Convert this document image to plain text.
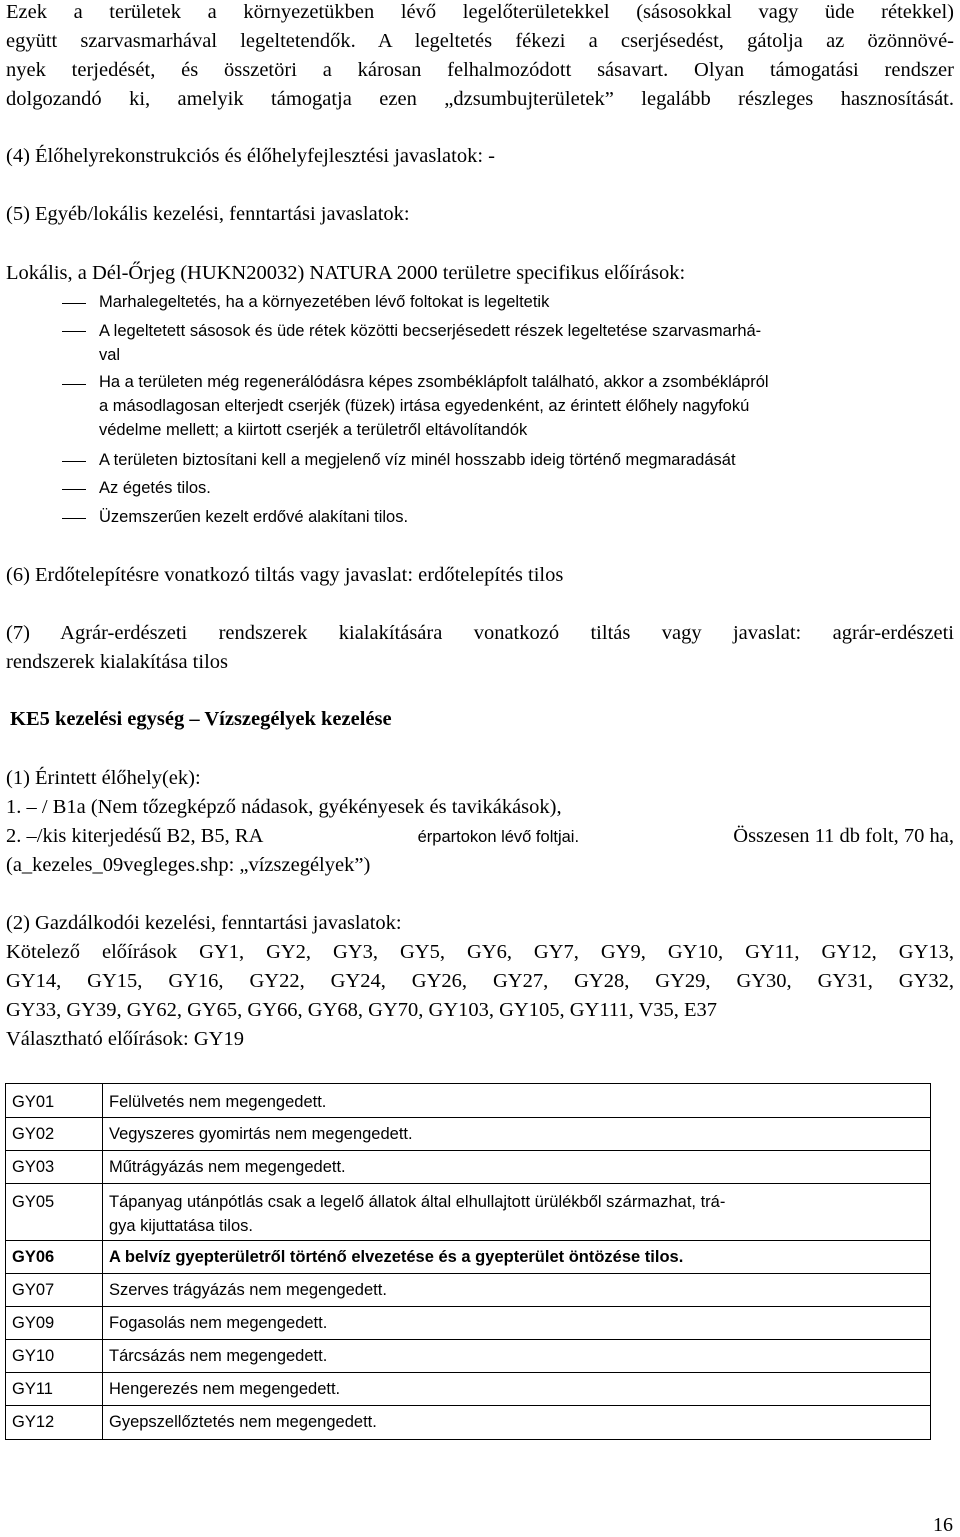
Ezek a területek a környezetükben lévő legelőterületekkel (sásosokkal vagy üde rétekkel)
együtt szarvasmarhával legeltetendők. A legeltetés fékezi a cserjésedést, gátolja az özönnövé-
nyek terjedését, és összetöri a károsan felhalmozódott sásavart. Olyan támogatási rendszer
dolgozandó ki, amelyik támogatja ezen „dzsumbujterületek” legalább részleges hasznosítását.
(4) Élőhelyrekonstrukciós és élőhelyfejlesztési javaslatok: -
(5) Egyéb/lokális kezelési, fenntartási javaslatok:
Lokális, a Dél-Őrjeg (HUKN20032) NATURA 2000 területre specifikus előírások:
Marhalegeltetés, ha a környezetében lévő foltokat is legeltetik
A legeltetett sásosok és üde rétek közötti becserjésedett részek legeltetése szarvasmarhá-
val
Ha a területen még regenerálódásra képes zsombéklápfolt található, akkor a zsombéklápról
a másodlagosan elterjedt cserjék (füzek) irtása egyedenként, az érintett élőhely nagyfokú
védelme mellett; a kiirtott cserjék a területről eltávolítandók
A területen biztosítani kell a megjelenő víz minél hosszabb ideig történő megmaradását
Az égetés tilos.
Üzemszerűen kezelt erdővé alakítani tilos.
(6) Erdőtelepítésre vonatkozó tiltás vagy javaslat: erdőtelepítés tilos
(7) Agrár-erdészeti rendszerek kialakítására vonatkozó tiltás vagy javaslat: agrár-erdészeti
rendszerek kialakítása tilos
KE5 kezelési egység – Vízszegélyek kezelése
(1) Érintett élőhely(ek):
1. – / B1a (Nem tőzegképző nádasok, gyékényesek és tavikákások),
2. –/kis kiterjedésű B2, B5, RA	érpartokon lévő foltjai.	Összesen 11 db folt, 70 ha,
(a_kezeles_09vegleges.shp: „vízszegélyek”)
(2) Gazdálkodói kezelési, fenntartási javaslatok:
Kötelező előírások GY1, GY2, GY3, GY5, GY6, GY7, GY9, GY10, GY11, GY12, GY13,
GY14, GY15, GY16, GY22, GY24, GY26, GY27, GY28, GY29, GY30, GY31, GY32,
GY33, GY39, GY62, GY65, GY66, GY68, GY70, GY103, GY105, GY111, V35, E37
Választható előírások: GY19
GY01	Felülvetés nem megengedett.
GY02	Vegyszeres gyomirtás nem megengedett.
GY03	Műtrágyázás nem megengedett.
GY05	Tápanyag utánpótlás csak a legelő állatok által elhullajtott ürülékből származhat, trá-
gya kijuttatása tilos.
GY06	A belvíz gyepterületről történő elvezetése és a gyepterület öntözése tilos.
GY07	Szerves trágyázás nem megengedett.
GY09	Fogasolás nem megengedett.
GY10	Tárcsázás nem megengedett.
GY11	Hengerezés nem megengedett.
GY12	Gyepszellőztetés nem megengedett.
16
